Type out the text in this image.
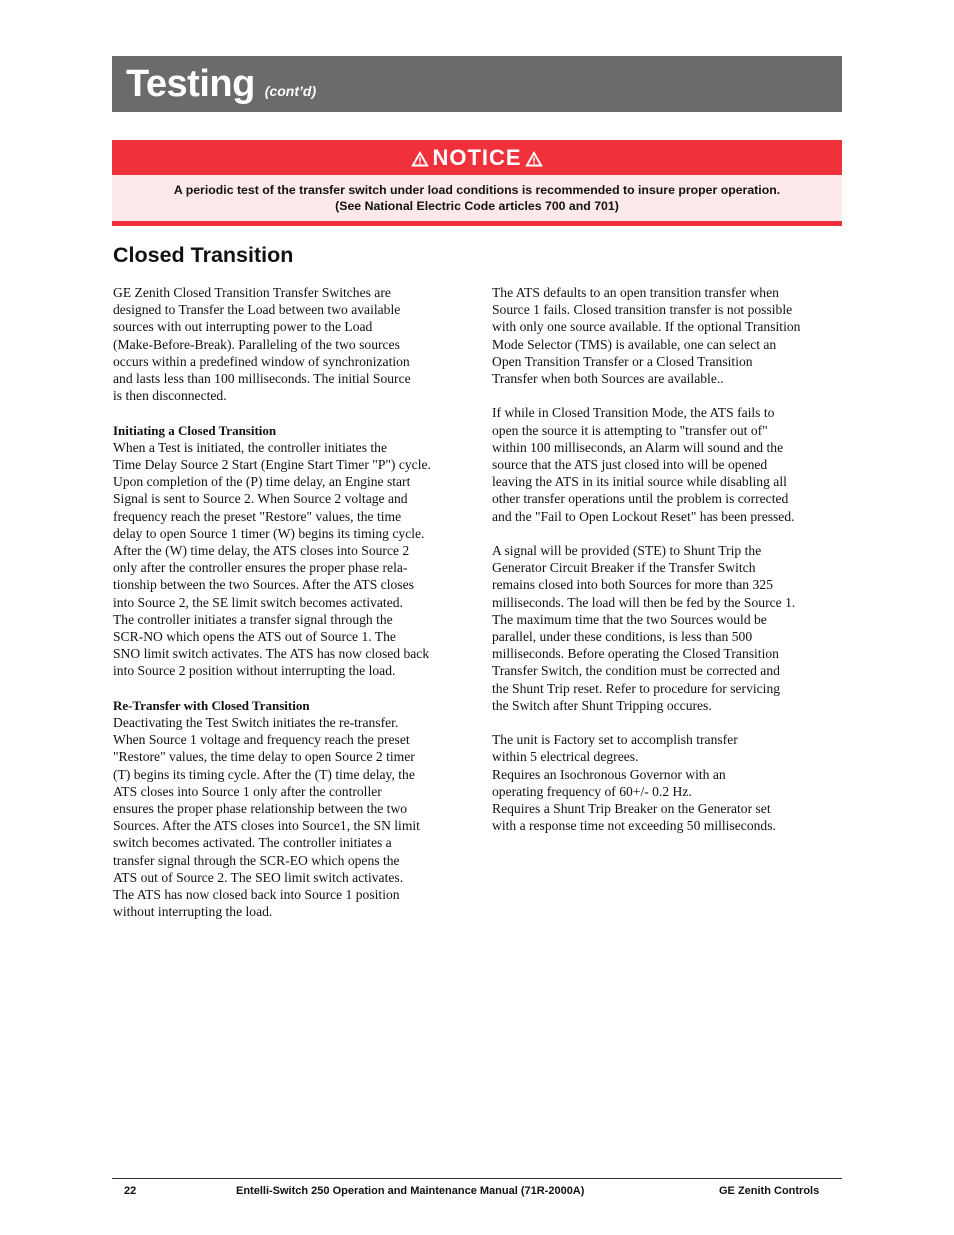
Testing (cont’d)
NOTICE
A periodic test of the transfer switch under load conditions is recommended to insure proper operation.
(See National Electric Code articles 700 and 701)
Closed Transition

GE Zenith Closed Transition Transfer Switches are
designed to Transfer the Load between two available
sources with out interrupting power to the Load
(Make-Before-Break). Paralleling of the two sources
occurs within a predefined window of synchronization
and lasts less than 100 milliseconds. The initial Source
is then disconnected.

Initiating a Closed Transition
When a Test is initiated, the controller initiates the
Time Delay Source 2 Start (Engine Start Timer "P") cycle.
Upon completion of the (P) time delay, an Engine start
Signal is sent to Source 2. When Source 2 voltage and
frequency reach the preset "Restore" values, the time
delay to open Source 1 timer (W) begins its timing cycle.
After the (W) time delay, the ATS closes into Source 2
only after the controller ensures the proper phase rela-
tionship between the two Sources. After the ATS closes
into Source 2, the SE limit switch becomes activated.
The controller initiates a transfer signal through the
SCR-NO which opens the ATS out of Source 1. The
SNO limit switch activates. The ATS has now closed back
into Source 2 position without interrupting the load.

Re-Transfer with Closed Transition
Deactivating the Test Switch initiates the re-transfer.
When Source 1 voltage and frequency reach the preset
"Restore" values, the time delay to open Source 2 timer
(T) begins its timing cycle. After the (T) time delay, the
ATS closes into Source 1 only after the controller
ensures the proper phase relationship between the two
Sources. After the ATS closes into Source1, the SN limit
switch becomes activated. The controller initiates a
transfer signal through the SCR-EO which opens the
ATS out of Source 2. The SEO limit switch activates.
The ATS has now closed back into Source 1 position
without interrupting the load.

The ATS defaults to an open transition transfer when
Source 1 fails. Closed transition transfer is not possible
with only one source available. If the optional Transition
Mode Selector (TMS) is available, one can select an
Open Transition Transfer or a Closed Transition
Transfer when both Sources are available..

If while in Closed Transition Mode, the ATS fails to
open the source it is attempting to "transfer out of"
within 100 milliseconds, an Alarm will sound and the
source that the ATS just closed into will be opened
leaving the ATS in its initial source while disabling all
other transfer operations until the problem is corrected
and the "Fail to Open Lockout Reset" has been pressed.

A signal will be provided (STE) to Shunt Trip the
Generator Circuit Breaker if the Transfer Switch
remains closed into both Sources for more than 325
milliseconds. The load will then be fed by the Source 1.
The maximum time that the two Sources would be
parallel, under these conditions, is less than 500
milliseconds. Before operating the Closed Transition
Transfer Switch, the condition must be corrected and
the Shunt Trip reset. Refer to procedure for servicing
the Switch after Shunt Tripping occures.

The unit is Factory set to accomplish transfer
within 5 electrical degrees.
Requires an Isochronous Governor with an
operating frequency of 60+/- 0.2 Hz.
Requires a Shunt Trip Breaker on the Generator set
with a response time not exceeding 50 milliseconds.

22	Entelli-Switch 250 Operation and Maintenance Manual (71R-2000A)	GE Zenith Controls
